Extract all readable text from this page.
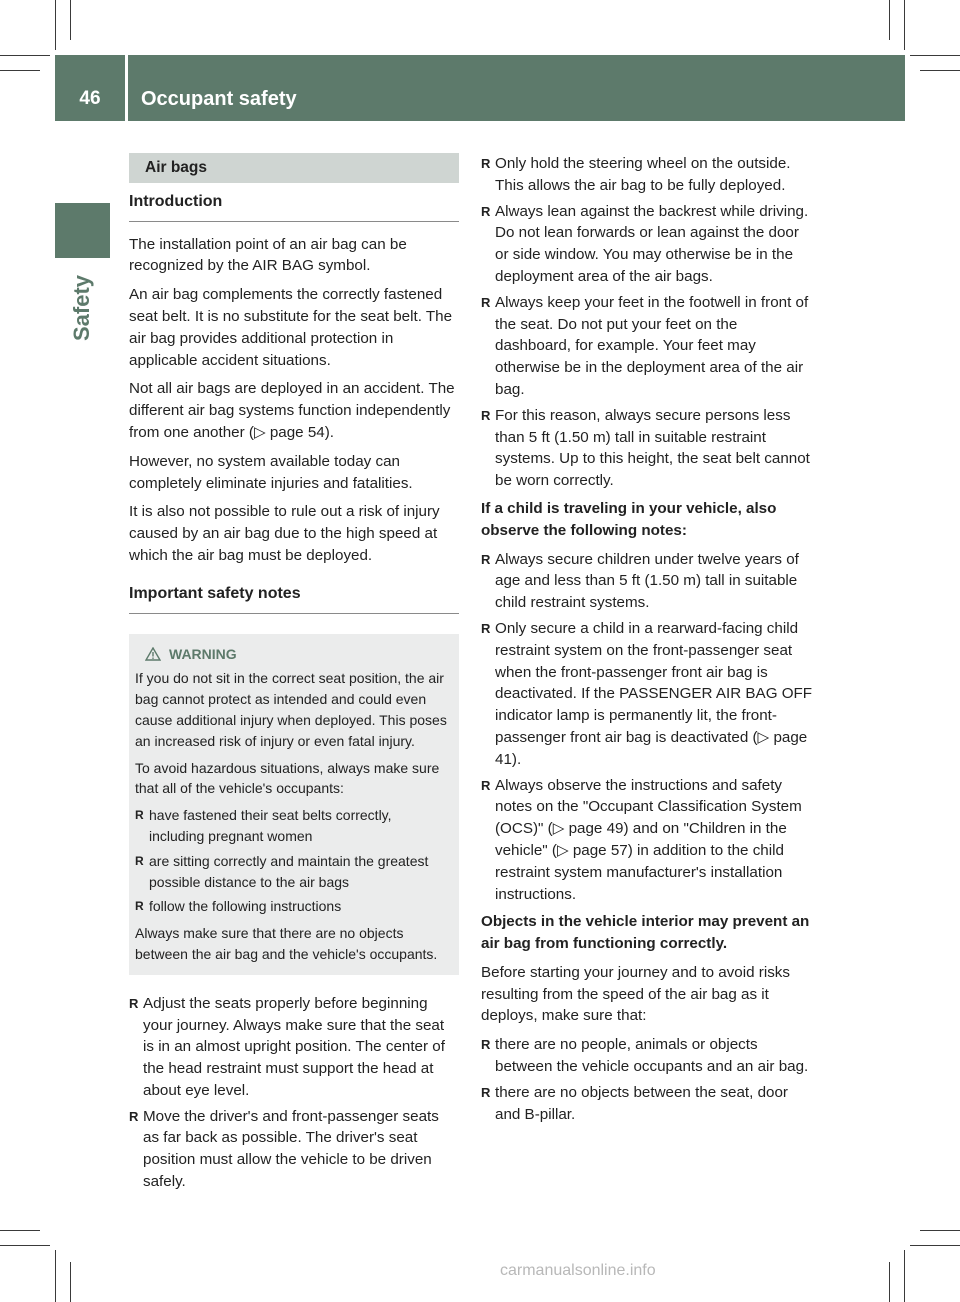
46	Occupant safety
Safety
Air bags
Introduction

The installation point of an air bag can be recognized by the AIR BAG symbol.

An air bag complements the correctly fastened seat belt. It is no substitute for the seat belt. The air bag provides additional protection in applicable accident situations.

Not all air bags are deployed in an accident. The different air bag systems function independently from one another (▷ page 54).

However, no system available today can completely eliminate injuries and fatalities.

It is also not possible to rule out a risk of injury caused by an air bag due to the high speed at which the air bag must be deployed.

Important safety notes
WARNING

If you do not sit in the correct seat position, the air bag cannot protect as intended and could even cause additional injury when deployed. This poses an increased risk of injury or even fatal injury.

To avoid hazardous situations, always make sure that all of the vehicle's occupants:

R have fastened their seat belts correctly, including pregnant women
R are sitting correctly and maintain the greatest possible distance to the air bags
R follow the following instructions

Always make sure that there are no objects between the air bag and the vehicle's occupants.

R Adjust the seats properly before beginning your journey. Always make sure that the seat is in an almost upright position. The center of the head restraint must support the head at about eye level.
R Move the driver's and front-passenger seats as far back as possible. The driver's seat position must allow the vehicle to be driven safely.
R Only hold the steering wheel on the outside. This allows the air bag to be fully deployed.
R Always lean against the backrest while driving. Do not lean forwards or lean against the door or side window. You may otherwise be in the deployment area of the air bags.
R Always keep your feet in the footwell in front of the seat. Do not put your feet on the dashboard, for example. Your feet may otherwise be in the deployment area of the air bag.
R For this reason, always secure persons less than 5 ft (1.50 m) tall in suitable restraint systems. Up to this height, the seat belt cannot be worn correctly.

If a child is traveling in your vehicle, also observe the following notes:

R Always secure children under twelve years of age and less than 5 ft (1.50 m) tall in suitable child restraint systems.
R Only secure a child in a rearward-facing child restraint system on the front-passenger seat when the front-passenger front air bag is deactivated. If the PASSENGER AIR BAG OFF indicator lamp is permanently lit, the front-passenger front air bag is deactivated (▷ page 41).
R Always observe the instructions and safety notes on the "Occupant Classification System (OCS)" (▷ page 49) and on "Children in the vehicle" (▷ page 57) in addition to the child restraint system manufacturer's installation instructions.

Objects in the vehicle interior may prevent an air bag from functioning correctly.

Before starting your journey and to avoid risks resulting from the speed of the air bag as it deploys, make sure that:

R there are no people, animals or objects between the vehicle occupants and an air bag.
R there are no objects between the seat, door and B-pillar.
carmanualsonline.info
